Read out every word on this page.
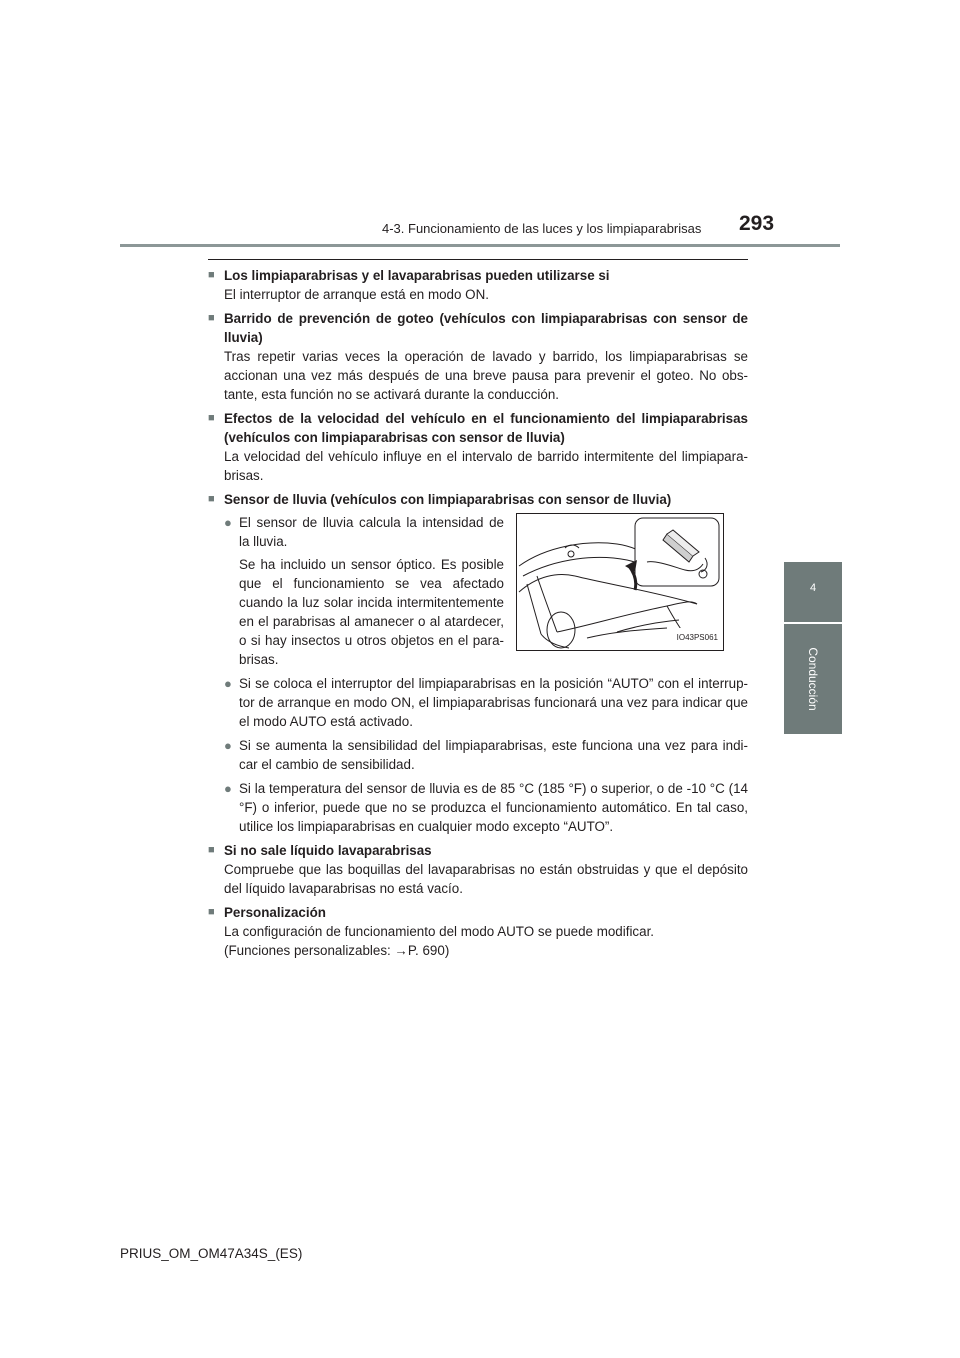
4-3. Funcionamiento de las luces y los limpiaparabrisas 293
4
Conducción
■ Los limpiaparabrisas y el lavaparabrisas pueden utilizarse si
El interruptor de arranque está en modo ON.
■ Barrido de prevención de goteo (vehículos con limpiaparabrisas con sensor de lluvia)
Tras repetir varias veces la operación de lavado y barrido, los limpiaparabrisas se accionan una vez más después de una breve pausa para prevenir el goteo. No obs-tante, esta función no se activará durante la conducción.
■ Efectos de la velocidad del vehículo en el funcionamiento del limpiaparabrisas (vehículos con limpiaparabrisas con sensor de lluvia)
La velocidad del vehículo influye en el intervalo de barrido intermitente del limpiapara-brisas.
■ Sensor de lluvia (vehículos con limpiaparabrisas con sensor de lluvia)
● El sensor de lluvia calcula la intensidad de la lluvia.
Se ha incluido un sensor óptico. Es posible que el funcionamiento se vea afectado cuando la luz solar incida intermitentemente en el parabrisas al amanecer o al atardecer, o si hay insectos u otros objetos en el para-brisas.
IO43PS061
● Si se coloca el interruptor del limpiaparabrisas en la posición “AUTO” con el interrup-tor de arranque en modo ON, el limpiaparabrisas funcionará una vez para indicar que el modo AUTO está activado.
● Si se aumenta la sensibilidad del limpiaparabrisas, este funciona una vez para indi-car el cambio de sensibilidad.
● Si la temperatura del sensor de lluvia es de 85 °C (185 °F) o superior, o de -10 °C (14 °F) o inferior, puede que no se produzca el funcionamiento automático. En tal caso, utilice los limpiaparabrisas en cualquier modo excepto “AUTO”.
■ Si no sale líquido lavaparabrisas
Compruebe que las boquillas del lavaparabrisas no están obstruidas y que el depósito del líquido lavaparabrisas no está vacío.
■ Personalización
La configuración de funcionamiento del modo AUTO se puede modificar.
(Funciones personalizables: →P. 690)
PRIUS_OM_OM47A34S_(ES)
